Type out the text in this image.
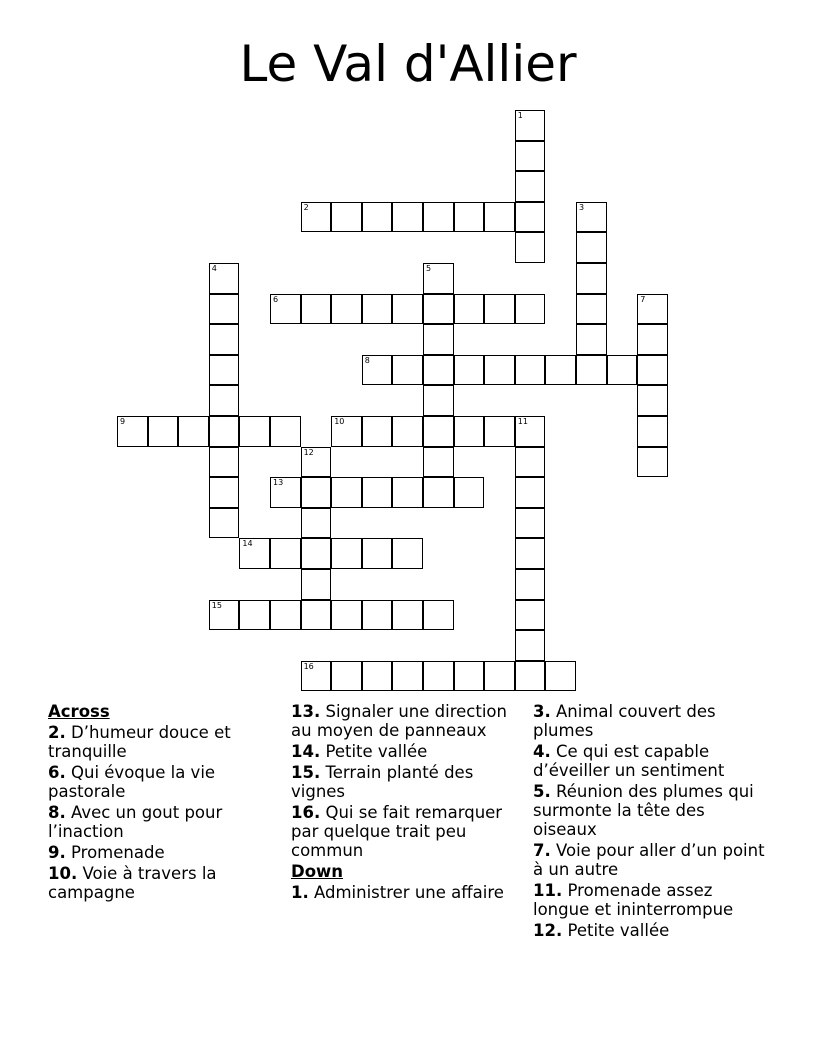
Le Val d'Allier
1
2	3
4	5
6	7
8
9	10	11
12
13
14
15
16

Across

2. D’humeur douce et tranquille

6. Qui évoque la vie pastorale

8. Avec un gout pour l’inaction

9. Promenade

10. Voie à travers la campagne

13. Signaler une direction au moyen de panneaux

14. Petite vallée

15. Terrain planté des vignes

16. Qui se fait remarquer par quelque trait peu commun

Down

1. Administrer une affaire

3. Animal couvert des plumes

4. Ce qui est capable d’éveiller un sentiment

5. Réunion des plumes qui surmonte la tête des oiseaux

7. Voie pour aller d’un point à un autre

11. Promenade assez longue et ininterrompue

12. Petite vallée
